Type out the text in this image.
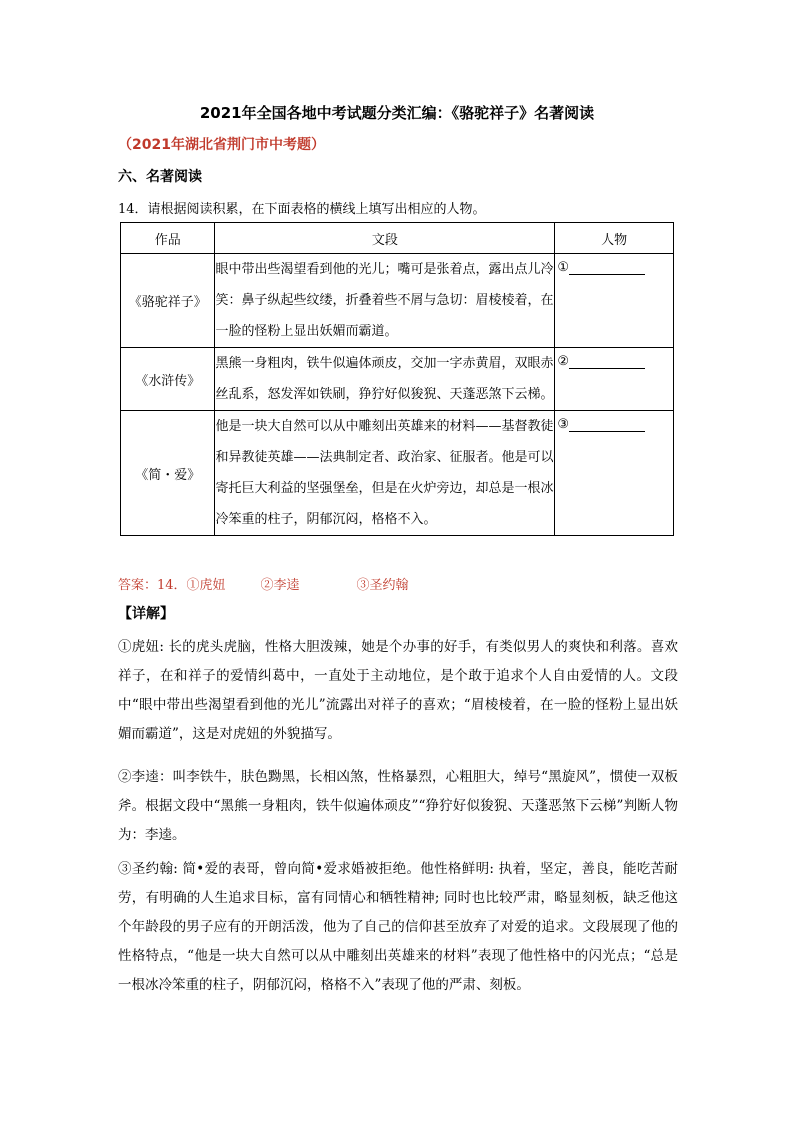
2021年全国各地中考试题分类汇编：《骆驼祥子》名著阅读
（2021年湖北省荆门市中考题）
六、名著阅读
14．请根据阅读积累，在下面表格的横线上填写出相应的人物。
作品	文段	人物
《骆驼祥子》	眼中带出些渴望看到他的光儿；嘴可是张着点，露出点儿冷笑：鼻子纵起些纹缕，折叠着些不屑与急切：眉棱棱着，在一脸的怪粉上显出妖媚而霸道。	①
《水浒传》	黑熊一身粗肉，铁牛似遍体顽皮，交加一字赤黄眉，双眼赤丝乱系，怒发浑如铁刷，狰狞好似狻猊、天蓬恶煞下云梯。	②
《简・爱》	他是一块大自然可以从中雕刻出英雄来的材料——基督教徒和异教徒英雄——法典制定者、政治家、征服者。他是可以寄托巨大利益的坚强堡垒，但是在火炉旁边，却总是一根冰冷笨重的柱子，阴郁沉闷，格格不入。	③
答案：14．①虎妞	②李逵	③圣约翰
【详解】
①虎妞: 长的虎头虎脑，性格大胆泼辣，她是个办事的好手，有类似男人的爽快和利落。喜欢祥子，在和祥子的爱情纠葛中，一直处于主动地位，是个敢于追求个人自由爱情的人。文段中“眼中带出些渴望看到他的光儿”流露出对祥子的喜欢；“眉棱棱着，在一脸的怪粉上显出妖媚而霸道”，这是对虎妞的外貌描写。
②李逵：叫李铁牛，肤色黝黑，长相凶煞，性格暴烈，心粗胆大，绰号“黑旋风”，惯使一双板斧。根据文段中“黑熊一身粗肉，铁牛似遍体顽皮”“狰狞好似狻猊、天蓬恶煞下云梯”判断人物为：李逵。
③圣约翰: 简•爱的表哥，曾向简•爱求婚被拒绝。他性格鲜明: 执着，坚定，善良，能吃苦耐劳，有明确的人生追求目标，富有同情心和牺牲精神; 同时也比较严肃，略显刻板，缺乏他这个年龄段的男子应有的开朗活泼，他为了自己的信仰甚至放弃了对爱的追求。文段展现了他的性格特点，“他是一块大自然可以从中雕刻出英雄来的材料”表现了他性格中的闪光点；“总是一根冰冷笨重的柱子，阴郁沉闷，格格不入”表现了他的严肃、刻板。
